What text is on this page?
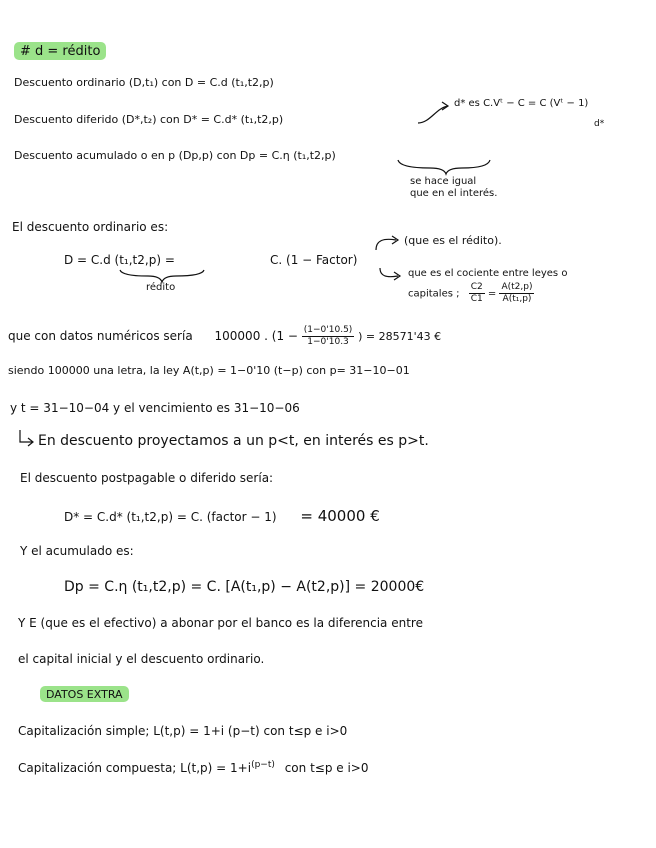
# d = rédito
Descuento ordinario (D,t₁) con D = C.d (t₁,t2,p)
Descuento diferido (D*,t₂) con D* = C.d* (t₁,t2,p)
d* es C.Vᵗ − C = C (Vᵗ − 1)
d*
Descuento acumulado o en p (Dp,p) con Dp = C.η (t₁,t2,p)
se hace igual
que en el interés.
El descuento ordinario es:
D = C.d (t₁,t2,p) =	C. (1 − Factor)
rédito
(que es el rédito).
que es el cociente entre leyes o
capitales ; $\frac{C2}{C1} = \frac{A(t2,p)}{\text{A(t₁,p)}}$
que con datos numéricos sería 100000 . ($1 - \frac{(1-0'10.5)}{1-0'10.3}$ ) = 28571'43 €
siendo 100000 una letra, la ley A(t,p) = 1−0'10 (t−p) con p= 31−10−01
y t = 31−10−04 y el vencimiento es 31−10−06
En descuento proyectamos a un p<t, en interés es p>t.
El descuento postpagable o diferido sería:
D* = C.d* (t₁,t2,p) = C. (factor − 1) = 40000 €
Y el acumulado es:
Dp = C.η (t₁,t2,p) = C. [A(t₁,p) − A(t2,p)] = 20000€
Y E (que es el efectivo) a abonar por el banco es la diferencia entre
el capital inicial y el descuento ordinario.
DATOS EXTRA
Capitalización simple; L(t,p) = 1+i (p−t) con t≤p e i>0
Capitalización compuesta; $L(t,p) = 1+i^{(p-t)}$ con t≤p e i>0
